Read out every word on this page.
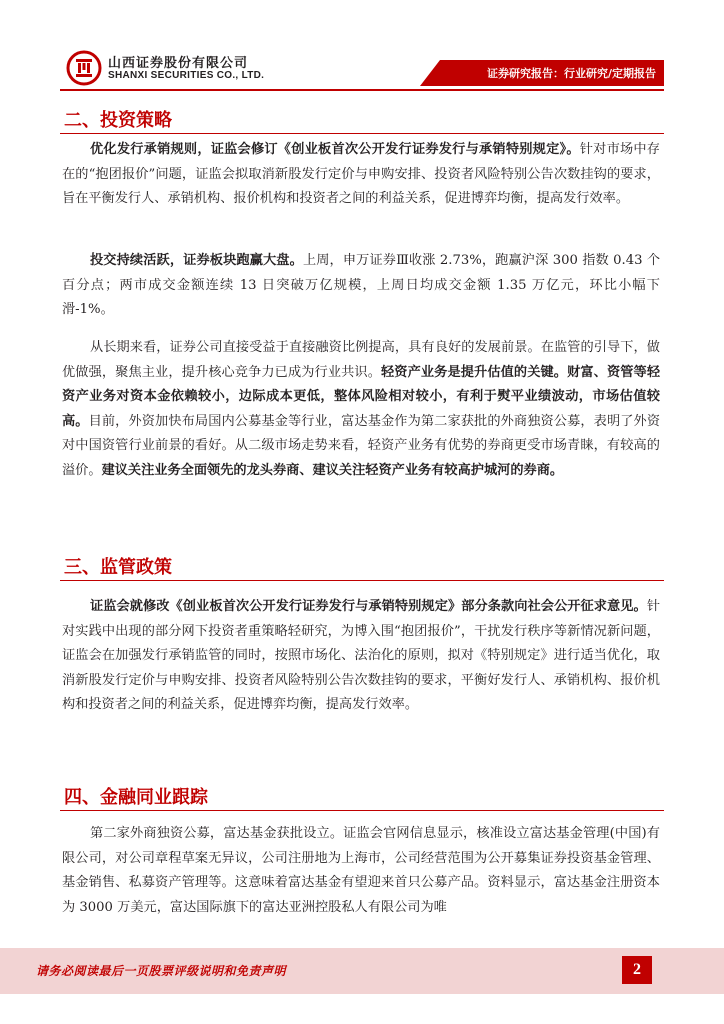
山西证券股份有限公司
SHANXI SECURITIES CO., LTD.	证券研究报告：行业研究/定期报告
二、投资策略

优化发行承销规则，证监会修订《创业板首次公开发行证券发行与承销特别规定》。针对市场中存在的“抱团报价”问题，证监会拟取消新股发行定价与申购安排、投资者风险特别公告次数挂钩的要求，旨在平衡发行人、承销机构、报价机构和投资者之间的利益关系，促进博弈均衡，提高发行效率。

投交持续活跃，证券板块跑赢大盘。上周，申万证券Ⅲ收涨 2.73%，跑赢沪深 300 指数 0.43 个百分点；两市成交金额连续 13 日突破万亿规模，上周日均成交金额 1.35 万亿元，环比小幅下滑-1%。

从长期来看，证券公司直接受益于直接融资比例提高，具有良好的发展前景。在监管的引导下，做优做强，聚焦主业，提升核心竞争力已成为行业共识。轻资产业务是提升估值的关键。财富、资管等轻资产业务对资本金依赖较小，边际成本更低，整体风险相对较小，有利于熨平业绩波动，市场估值较高。目前，外资加快布局国内公募基金等行业，富达基金作为第二家获批的外商独资公募，表明了外资对中国资管行业前景的看好。从二级市场走势来看，轻资产业务有优势的券商更受市场青睐，有较高的溢价。建议关注业务全面领先的龙头券商、建议关注轻资产业务有较高护城河的券商。

三、监管政策

证监会就修改《创业板首次公开发行证券发行与承销特别规定》部分条款向社会公开征求意见。针对实践中出现的部分网下投资者重策略轻研究，为博入围“抱团报价”，干扰发行秩序等新情况新问题，证监会在加强发行承销监管的同时，按照市场化、法治化的原则，拟对《特别规定》进行适当优化，取消新股发行定价与申购安排、投资者风险特别公告次数挂钩的要求，平衡好发行人、承销机构、报价机构和投资者之间的利益关系，促进博弈均衡，提高发行效率。

四、金融同业跟踪

第二家外商独资公募，富达基金获批设立。证监会官网信息显示，核准设立富达基金管理(中国)有限公司，对公司章程草案无异议，公司注册地为上海市，公司经营范围为公开募集证券投资基金管理、基金销售、私募资产管理等。这意味着富达基金有望迎来首只公募产品。资料显示，富达基金注册资本为 3000 万美元，富达国际旗下的富达亚洲控股私人有限公司为唯

请务必阅读最后一页股票评级说明和免责声明	2
